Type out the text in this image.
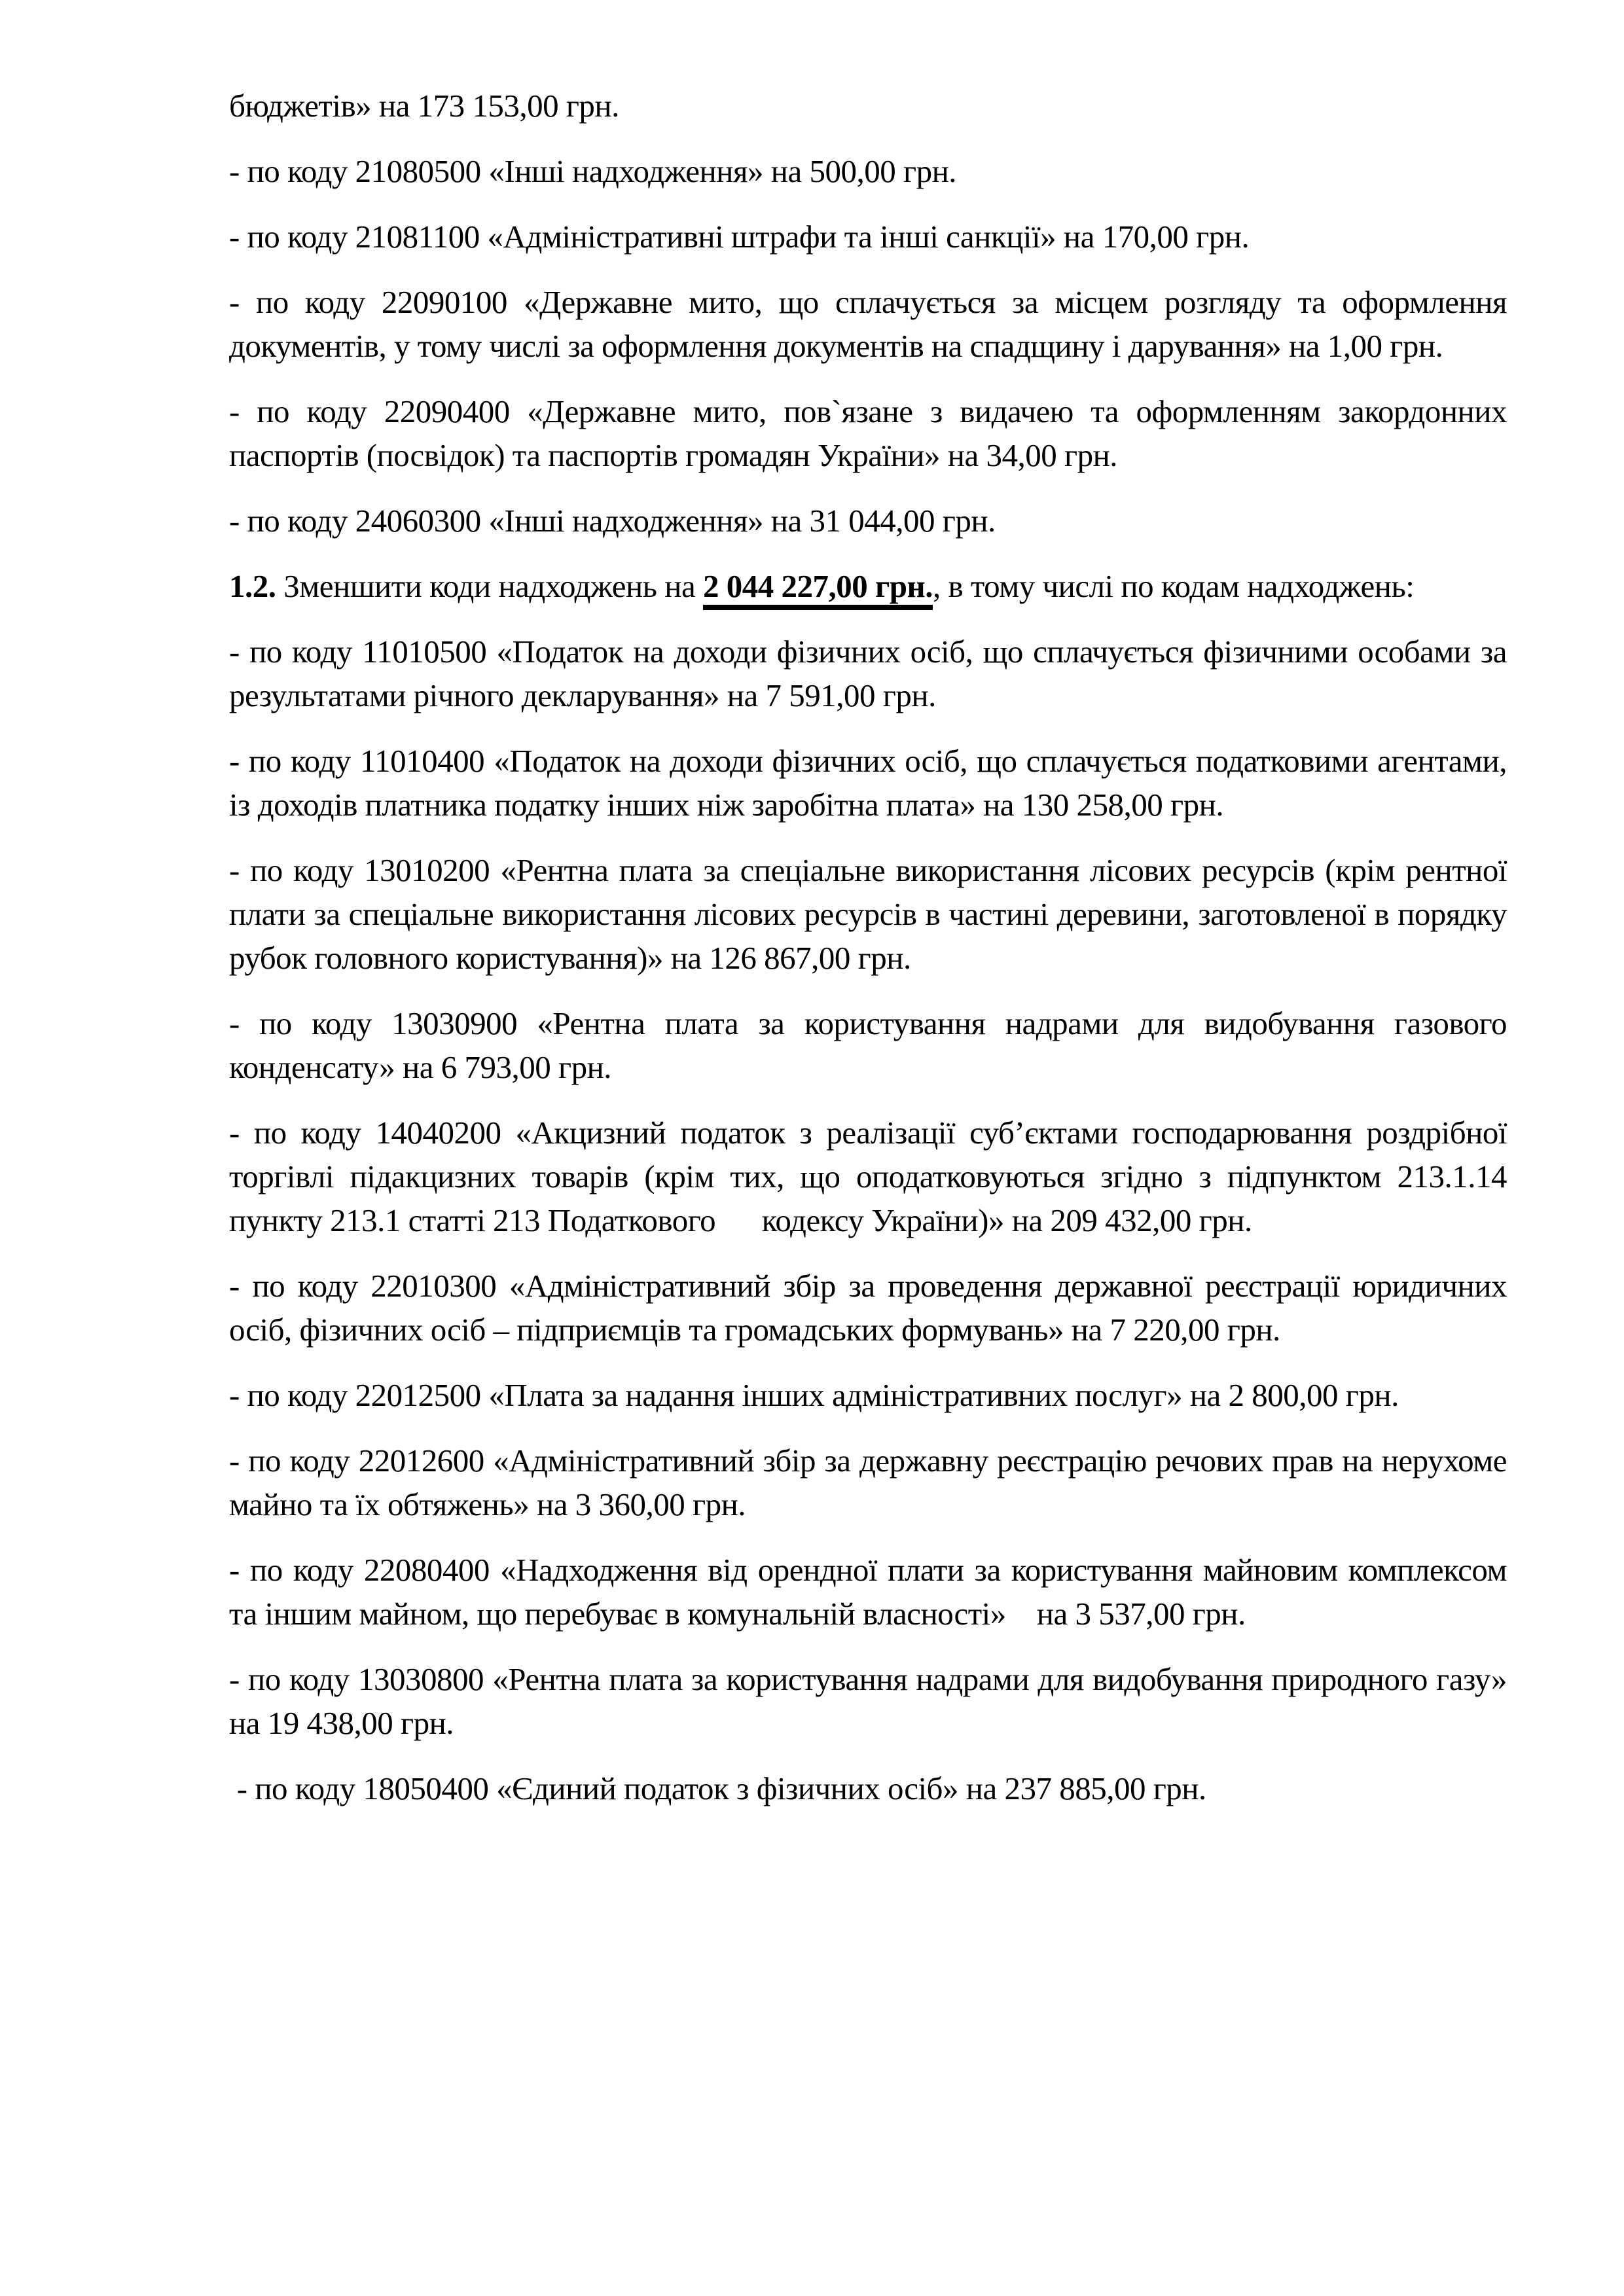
бюджетів» на 173 153,00 грн.

- по коду 21080500 «Інші надходження» на 500,00 грн.

- по коду 21081100 «Адміністративні штрафи та інші санкції» на 170,00 грн.

- по коду 22090100 «Державне мито, що сплачується за місцем розгляду та оформлення документів, у тому числі за оформлення документів на спадщину і дарування» на 1,00 грн.

- по коду 22090400 «Державне мито, пов`язане з видачею та оформленням закордонних паспортів (посвідок) та паспортів громадян України» на 34,00 грн.

- по коду 24060300 «Інші надходження» на 31 044,00 грн.

1.2. Зменшити коди надходжень на 2 044 227,00 грн., в тому числі по кодам надходжень:

- по коду 11010500 «Податок на доходи фізичних осіб, що сплачується фізичними особами за результатами річного декларування» на 7 591,00 грн.

- по коду 11010400 «Податок на доходи фізичних осіб, що сплачується податковими агентами, із доходів платника податку інших ніж заробітна плата» на 130 258,00 грн.

- по коду 13010200 «Рентна плата за спеціальне використання лісових ресурсів (крім рентної плати за спеціальне використання лісових ресурсів в частині деревини, заготовленої в порядку рубок головного користування)» на 126 867,00 грн.

- по коду 13030900 «Рентна плата за користування надрами для видобування газового конденсату» на 6 793,00 грн.

- по коду 14040200 «Акцизний податок з реалізації суб’єктами господарювання роздрібної торгівлі підакцизних товарів (крім тих, що оподатковуються згідно з підпунктом 213.1.14 пункту 213.1 статті 213 Податкового      кодексу України)» на 209 432,00 грн.

- по коду 22010300 «Адміністративний збір за проведення державної реєстрації юридичних осіб, фізичних осіб – підприємців та громадських формувань» на 7 220,00 грн.

- по коду 22012500 «Плата за надання інших адміністративних послуг» на 2 800,00 грн.

- по коду 22012600 «Адміністративний збір за державну реєстрацію речових прав на нерухоме майно та їх обтяжень» на 3 360,00 грн.

- по коду 22080400 «Надходження від орендної плати за користування майновим комплексом та іншим майном, що перебуває в комунальній власності»    на 3 537,00 грн.

- по коду 13030800 «Рентна плата за користування надрами для видобування природного газу» на 19 438,00 грн.

- по коду 18050400 «Єдиний податок з фізичних осіб» на 237 885,00 грн.
